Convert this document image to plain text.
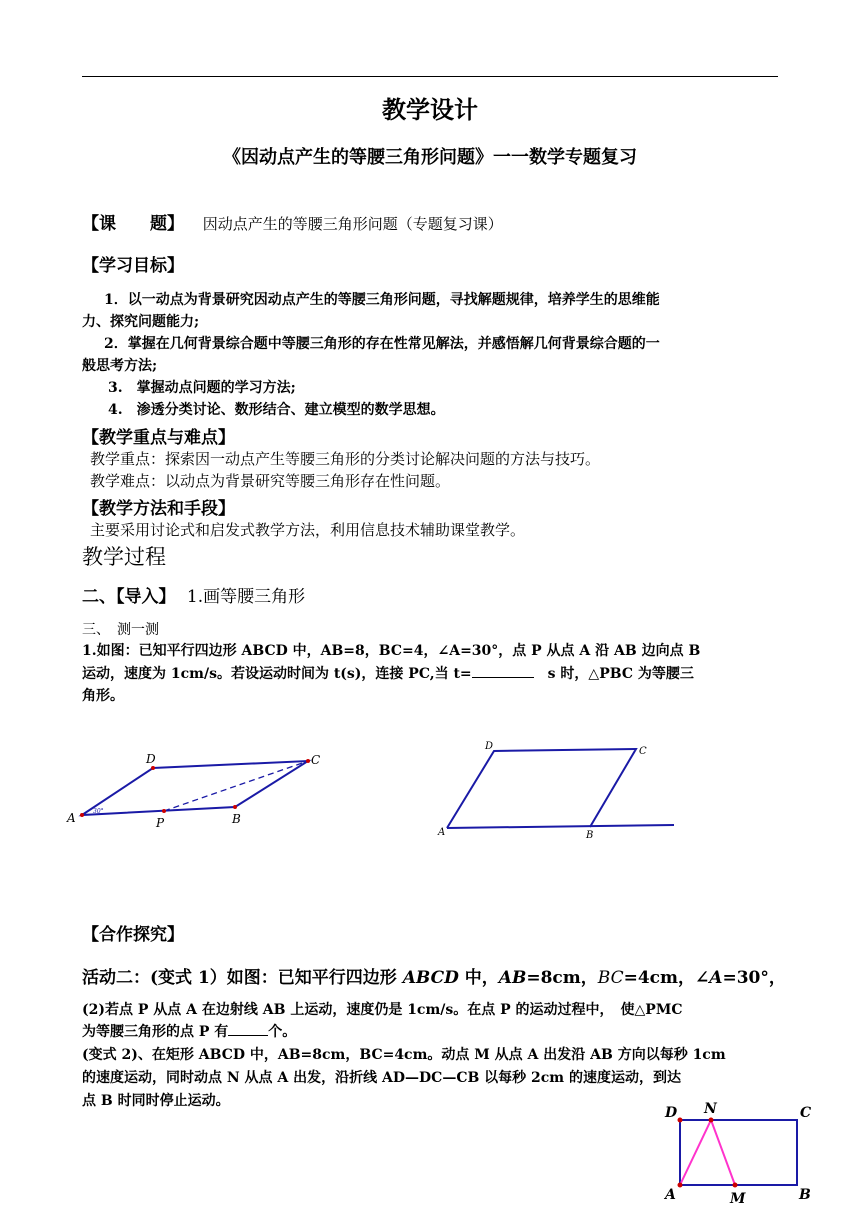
教学设计
《因动点产生的等腰三角形问题》一一数学专题复习
【课　　题】 因动点产生的等腰三角形问题（专题复习课）
【学习目标】
1．以一动点为背景研究因动点产生的等腰三角形问题，寻找解题规律，培养学生的思维能
力、探究问题能力;
2．掌握在几何背景综合题中等腰三角形的存在性常见解法，并感悟解几何背景综合题的一
般思考方法;
3.　掌握动点问题的学习方法;
4.　渗透分类讨论、数形结合、建立模型的数学思想。
【教学重点与难点】
教学重点：探索因一动点产生等腰三角形的分类讨论解决问题的方法与技巧。
教学难点：以动点为背景研究等腰三角形存在性问题。
【教学方法和手段】
主要采用讨论式和启发式教学方法，利用信息技术辅助课堂教学。
教学过程
二、【导入】 1.画等腰三角形
三、　测一测
1.如图：已知平行四边形 ABCD 中，AB=8，BC=4，∠A=30°，点 P 从点 A 沿 AB 边向点 B
运动，速度为 1cm/s。若设运动时间为 t(s)，连接 PC,当 t=	s 时，△PBC 为等腰三
角形。
A
D	C
B
P
30°
A
D	C
B
【合作探究】
活动二：(变式 1）如图：已知平行四边形 ABCD 中，AB=8cm，BC=4cm，∠A=30°，
(2)若点 P 从点 A 在边射线 AB 上运动，速度仍是 1cm/s。在点 P 的运动过程中，　使△PMC
为等腰三角形的点 P 有	个。
(变式 2)、在矩形 ABCD 中，AB=8cm，BC=4cm。动点 M 从点 A 出发沿 AB 方向以每秒 1cm
的速度运动，同时动点 N 从点 A 出发，沿折线 AD—DC—CB 以每秒 2cm 的速度运动，到达
点 B 时同时停止运动。
D N	C
A	M	B
